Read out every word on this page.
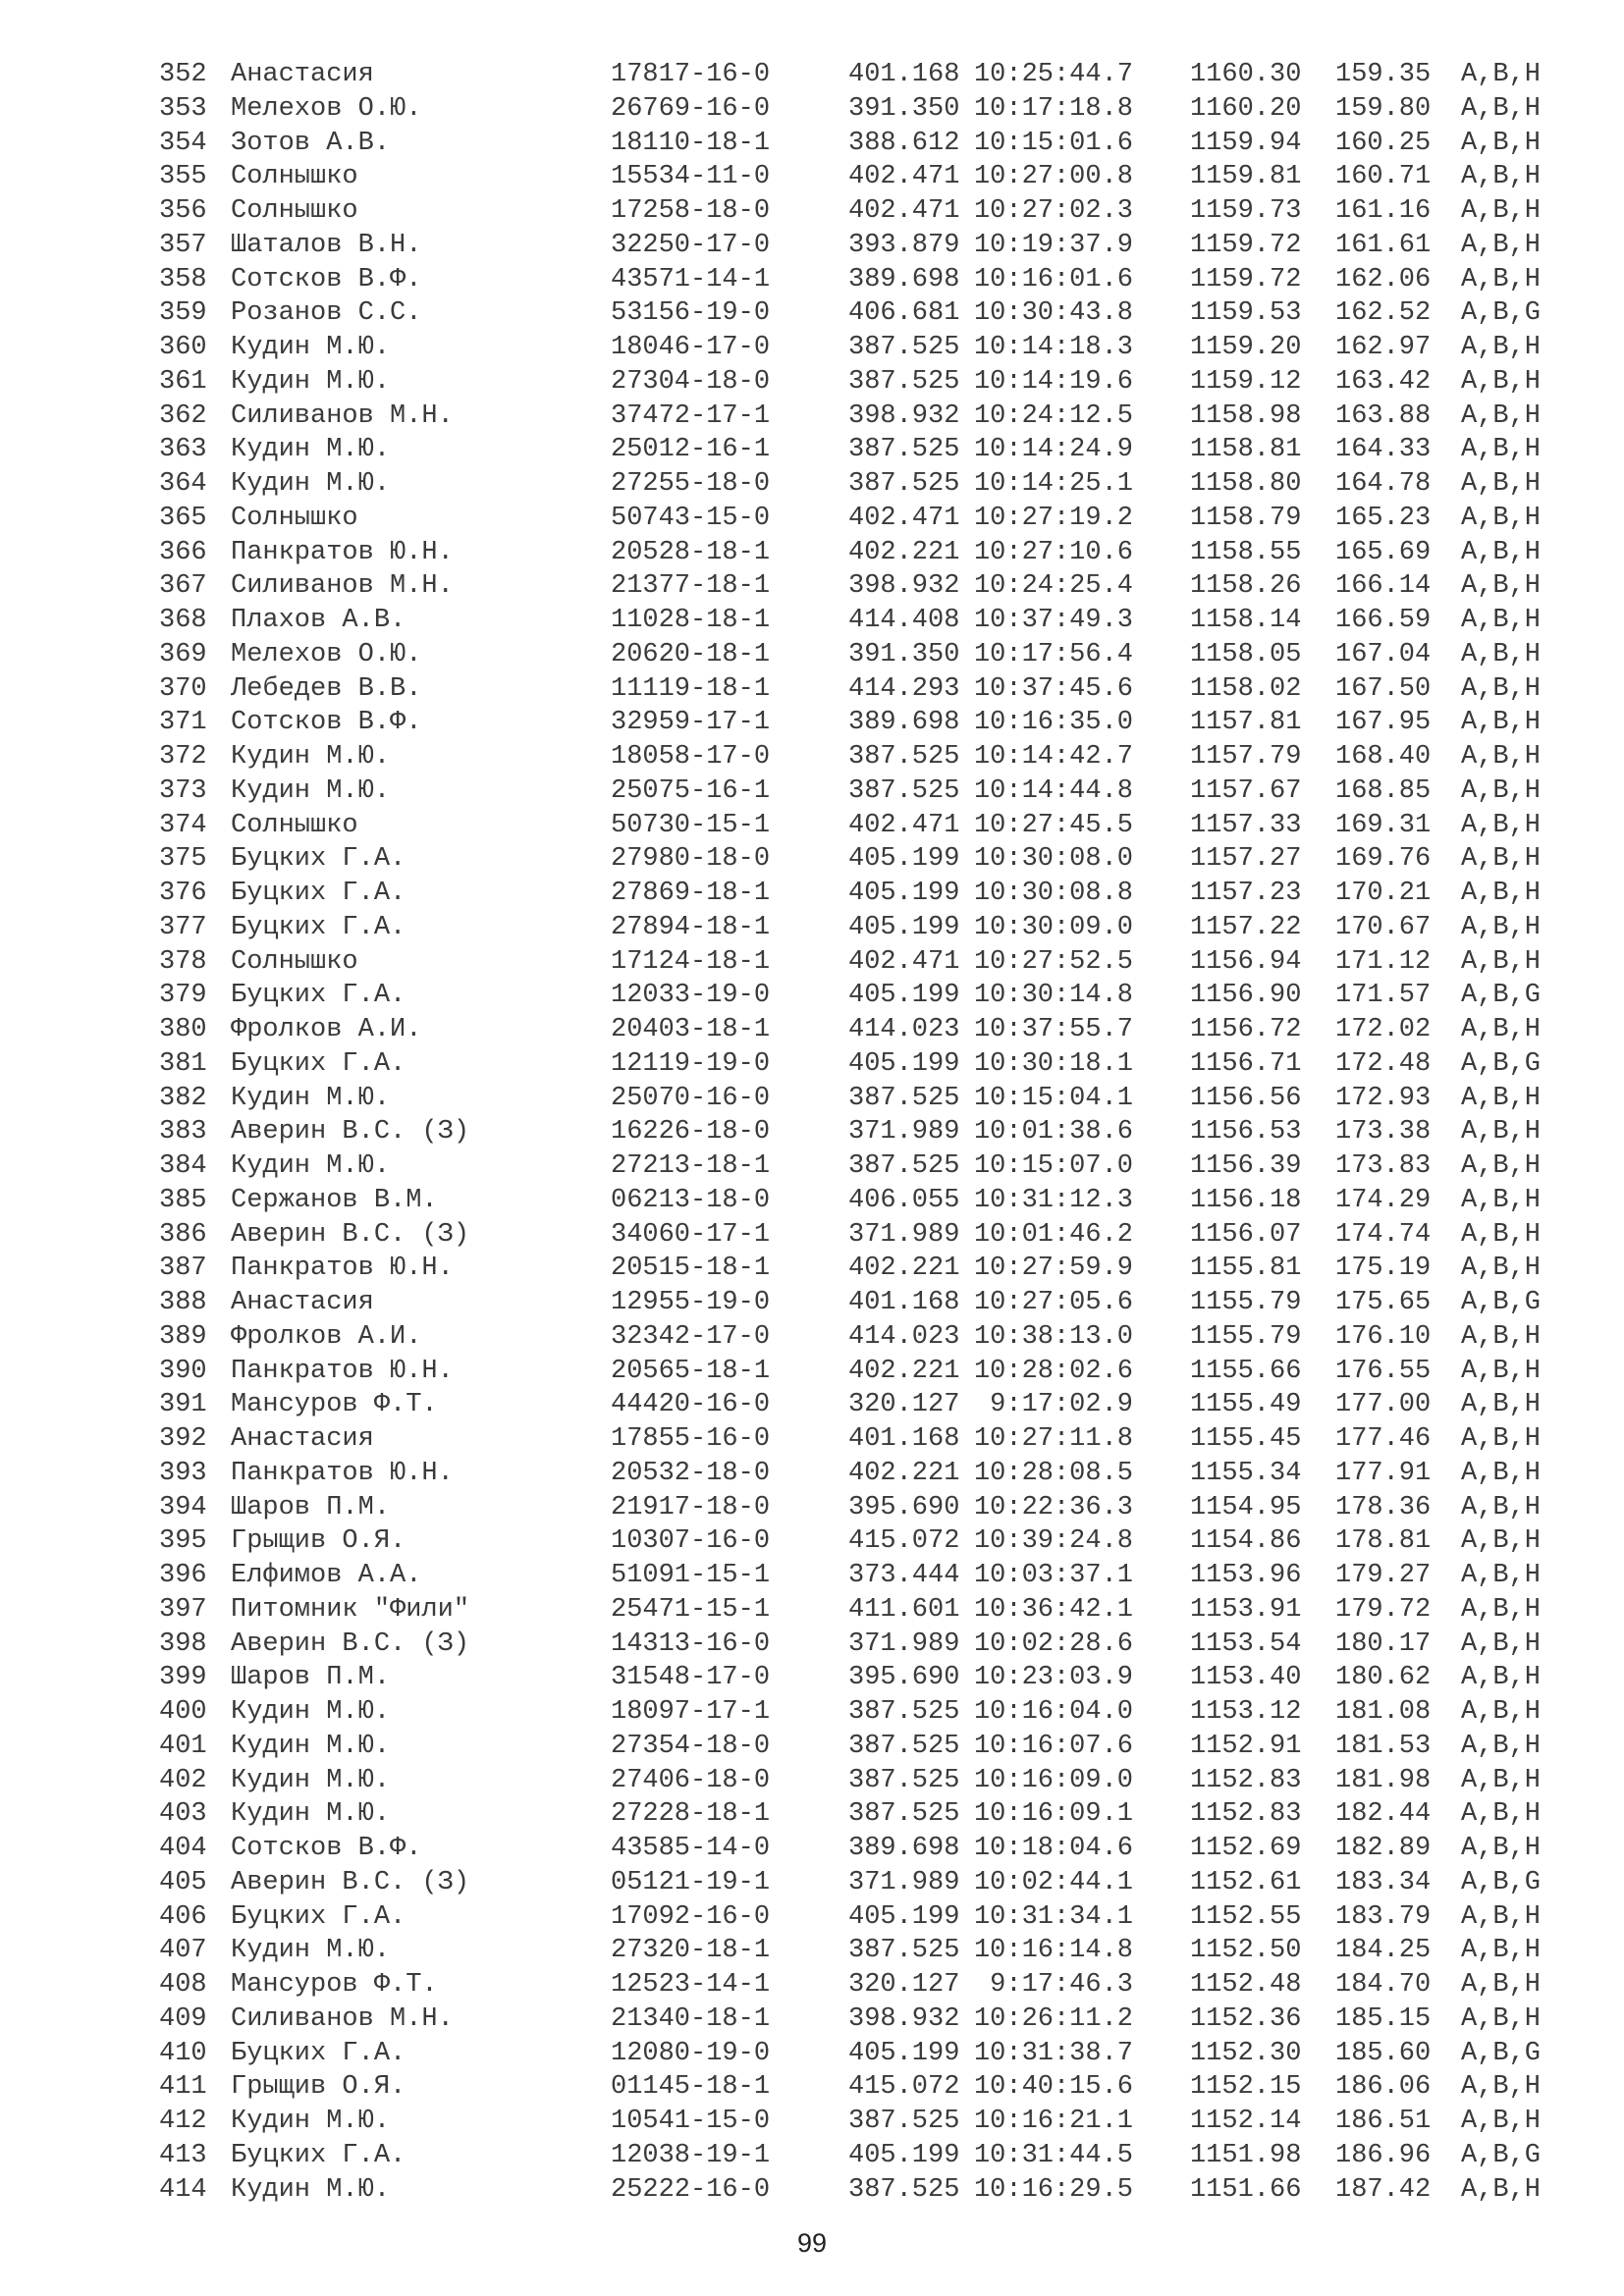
352 Анастасия	17817-16-0	401.168 10:25:44.7 1160.30 159.35 A,B,H
353 Мелехов О.Ю.	26769-16-0	391.350 10:17:18.8 1160.20 159.80 A,B,H
354 Зотов А.В.	18110-18-1	388.612 10:15:01.6 1159.94 160.25 A,B,H
355 Солнышко	15534-11-0	402.471 10:27:00.8 1159.81 160.71 A,B,H
356 Солнышко	17258-18-0	402.471 10:27:02.3 1159.73 161.16 A,B,H
357 Шаталов В.Н.	32250-17-0	393.879 10:19:37.9 1159.72 161.61 A,B,H
358 Сотсков В.Ф.	43571-14-1	389.698 10:16:01.6 1159.72 162.06 A,B,H
359 Розанов С.С.	53156-19-0	406.681 10:30:43.8 1159.53 162.52 A,B,G
360 Кудин М.Ю.	18046-17-0	387.525 10:14:18.3 1159.20 162.97 A,B,H
361 Кудин М.Ю.	27304-18-0	387.525 10:14:19.6 1159.12 163.42 A,B,H
362 Силиванов М.Н.	37472-17-1	398.932 10:24:12.5 1158.98 163.88 A,B,H
363 Кудин М.Ю.	25012-16-1	387.525 10:14:24.9 1158.81 164.33 A,B,H
364 Кудин М.Ю.	27255-18-0	387.525 10:14:25.1 1158.80 164.78 A,B,H
365 Солнышко	50743-15-0	402.471 10:27:19.2 1158.79 165.23 A,B,H
366 Панкратов Ю.Н.	20528-18-1	402.221 10:27:10.6 1158.55 165.69 A,B,H
367 Силиванов М.Н.	21377-18-1	398.932 10:24:25.4 1158.26 166.14 A,B,H
368 Плахов А.В.	11028-18-1	414.408 10:37:49.3 1158.14 166.59 A,B,H
369 Мелехов О.Ю.	20620-18-1	391.350 10:17:56.4 1158.05 167.04 A,B,H
370 Лебедев В.В.	11119-18-1	414.293 10:37:45.6 1158.02 167.50 A,B,H
371 Сотсков В.Ф.	32959-17-1	389.698 10:16:35.0 1157.81 167.95 A,B,H
372 Кудин М.Ю.	18058-17-0	387.525 10:14:42.7 1157.79 168.40 A,B,H
373 Кудин М.Ю.	25075-16-1	387.525 10:14:44.8 1157.67 168.85 A,B,H
374 Солнышко	50730-15-1	402.471 10:27:45.5 1157.33 169.31 A,B,H
375 Буцких Г.А.	27980-18-0	405.199 10:30:08.0 1157.27 169.76 A,B,H
376 Буцких Г.А.	27869-18-1	405.199 10:30:08.8 1157.23 170.21 A,B,H
377 Буцких Г.А.	27894-18-1	405.199 10:30:09.0 1157.22 170.67 A,B,H
378 Солнышко	17124-18-1	402.471 10:27:52.5 1156.94 171.12 A,B,H
379 Буцких Г.А.	12033-19-0	405.199 10:30:14.8 1156.90 171.57 A,B,G
380 Фролков А.И.	20403-18-1	414.023 10:37:55.7 1156.72 172.02 A,B,H
381 Буцких Г.А.	12119-19-0	405.199 10:30:18.1 1156.71 172.48 A,B,G
382 Кудин М.Ю.	25070-16-0	387.525 10:15:04.1 1156.56 172.93 A,B,H
383 Аверин В.С. (З)	16226-18-0	371.989 10:01:38.6 1156.53 173.38 A,B,H
384 Кудин М.Ю.	27213-18-1	387.525 10:15:07.0 1156.39 173.83 A,B,H
385 Сержанов В.М.	06213-18-0	406.055 10:31:12.3 1156.18 174.29 A,B,H
386 Аверин В.С. (З)	34060-17-1	371.989 10:01:46.2 1156.07 174.74 A,B,H
387 Панкратов Ю.Н.	20515-18-1	402.221 10:27:59.9 1155.81 175.19 A,B,H
388 Анастасия	12955-19-0	401.168 10:27:05.6 1155.79 175.65 A,B,G
389 Фролков А.И.	32342-17-0	414.023 10:38:13.0 1155.79 176.10 A,B,H
390 Панкратов Ю.Н.	20565-18-1	402.221 10:28:02.6 1155.66 176.55 A,B,H
391 Мансуров Ф.Т.	44420-16-0	320.127	9:17:02.9 1155.49 177.00 A,B,H
392 Анастасия	17855-16-0	401.168 10:27:11.8 1155.45 177.46 A,B,H
393 Панкратов Ю.Н.	20532-18-0	402.221 10:28:08.5 1155.34 177.91 A,B,H
394 Шаров П.М.	21917-18-0	395.690 10:22:36.3 1154.95 178.36 A,B,H
395 Грыщив О.Я.	10307-16-0	415.072 10:39:24.8 1154.86 178.81 A,B,H
396 Елфимов А.А.	51091-15-1	373.444 10:03:37.1 1153.96 179.27 A,B,H
397 Питомник "Фили"	25471-15-1	411.601 10:36:42.1 1153.91 179.72 A,B,H
398 Аверин В.С. (З)	14313-16-0	371.989 10:02:28.6 1153.54 180.17 A,B,H
399 Шаров П.М.	31548-17-0	395.690 10:23:03.9 1153.40 180.62 A,B,H
400 Кудин М.Ю.	18097-17-1	387.525 10:16:04.0 1153.12 181.08 A,B,H
401 Кудин М.Ю.	27354-18-0	387.525 10:16:07.6 1152.91 181.53 A,B,H
402 Кудин М.Ю.	27406-18-0	387.525 10:16:09.0 1152.83 181.98 A,B,H
403 Кудин М.Ю.	27228-18-1	387.525 10:16:09.1 1152.83 182.44 A,B,H
404 Сотсков В.Ф.	43585-14-0	389.698 10:18:04.6 1152.69 182.89 A,B,H
405 Аверин В.С. (З)	05121-19-1	371.989 10:02:44.1 1152.61 183.34 A,B,G
406 Буцких Г.А.	17092-16-0	405.199 10:31:34.1 1152.55 183.79 A,B,H
407 Кудин М.Ю.	27320-18-1	387.525 10:16:14.8 1152.50 184.25 A,B,H
408 Мансуров Ф.Т.	12523-14-1	320.127	9:17:46.3 1152.48 184.70 A,B,H
409 Силиванов М.Н.	21340-18-1	398.932 10:26:11.2 1152.36 185.15 A,B,H
410 Буцких Г.А.	12080-19-0	405.199 10:31:38.7 1152.30 185.60 A,B,G
411 Грыщив О.Я.	01145-18-1	415.072 10:40:15.6 1152.15 186.06 A,B,H
412 Кудин М.Ю.	10541-15-0	387.525 10:16:21.1 1152.14 186.51 A,B,H
413 Буцких Г.А.	12038-19-1	405.199 10:31:44.5 1151.98 186.96 A,B,G
414 Кудин М.Ю.	25222-16-0	387.525 10:16:29.5 1151.66 187.42 A,B,H
99
